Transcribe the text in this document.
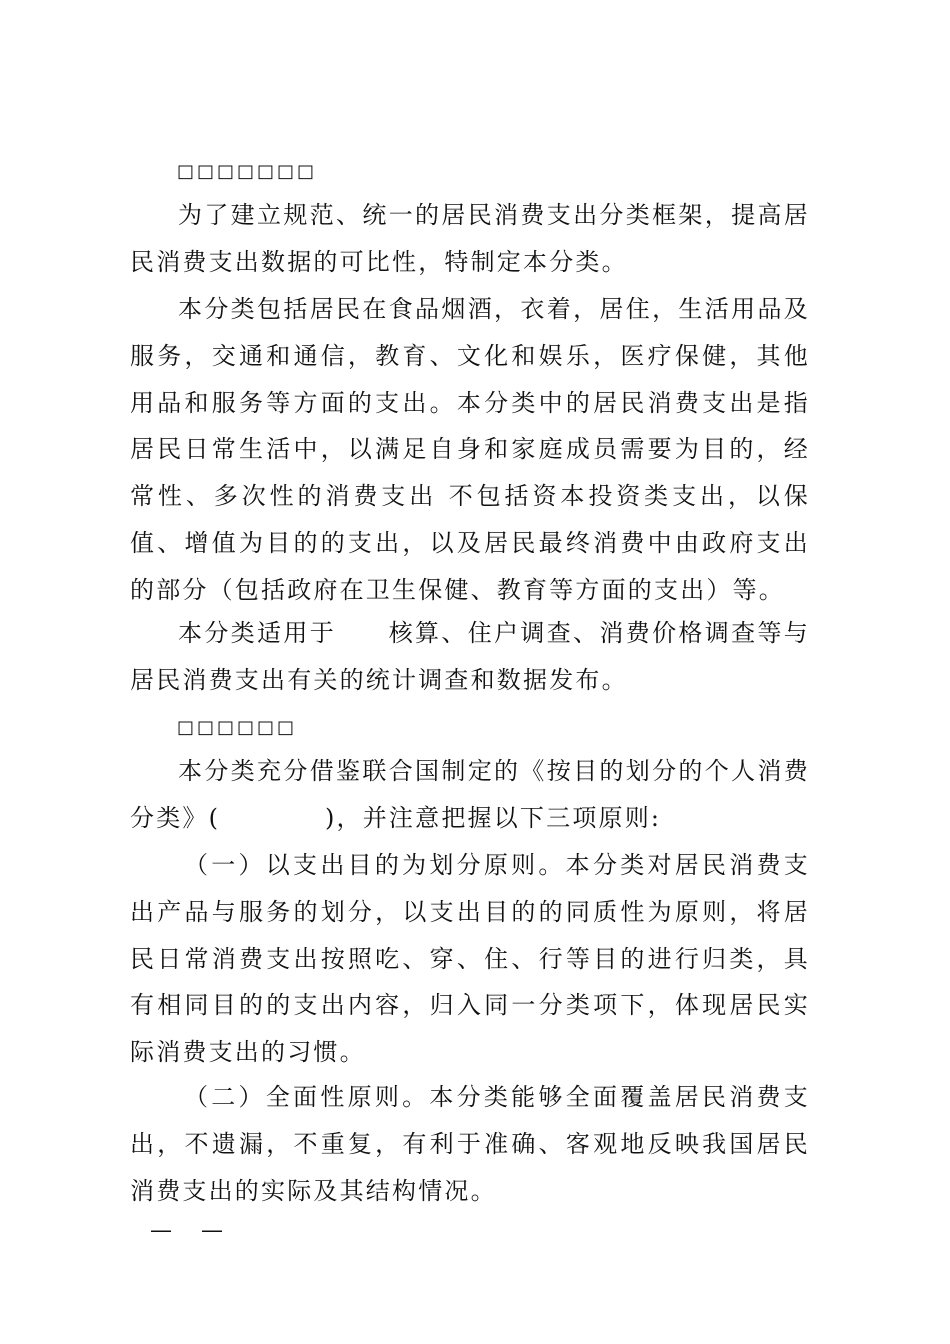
□□□□□□□
为了建立规范、统一的居民消费支出分类框架，提高居民消费支出数据的可比性，特制定本分类。
本分类包括居民在食品烟酒，衣着，居住，生活用品及服务，交通和通信，教育、文化和娱乐，医疗保健，其他用品和服务等方面的支出。本分类中的居民消费支出是指居民日常生活中，以满足自身和家庭成员需要为目的，经常性、多次性的消费支出 不包括资本投资类支出，以保值、增值为目的的支出，以及居民最终消费中由政府支出的部分（包括政府在卫生保健、教育等方面的支出）等。
本分类适用于　　核算、住户调查、消费价格调查等与居民消费支出有关的统计调查和数据发布。
□□□□□□
本分类充分借鉴联合国制定的《按目的划分的个人消费分类》(　　　　)，并注意把握以下三项原则:
（一）以支出目的为划分原则。本分类对居民消费支出产品与服务的划分，以支出目的的同质性为原则，将居民日常消费支出按照吃、穿、住、行等目的进行归类，具有相同目的的支出内容，归入同一分类项下，体现居民实际消费支出的习惯。
（二）全面性原则。本分类能够全面覆盖居民消费支出，不遗漏，不重复，有利于准确、客观地反映我国居民消费支出的实际及其结构情况。
—　 —
